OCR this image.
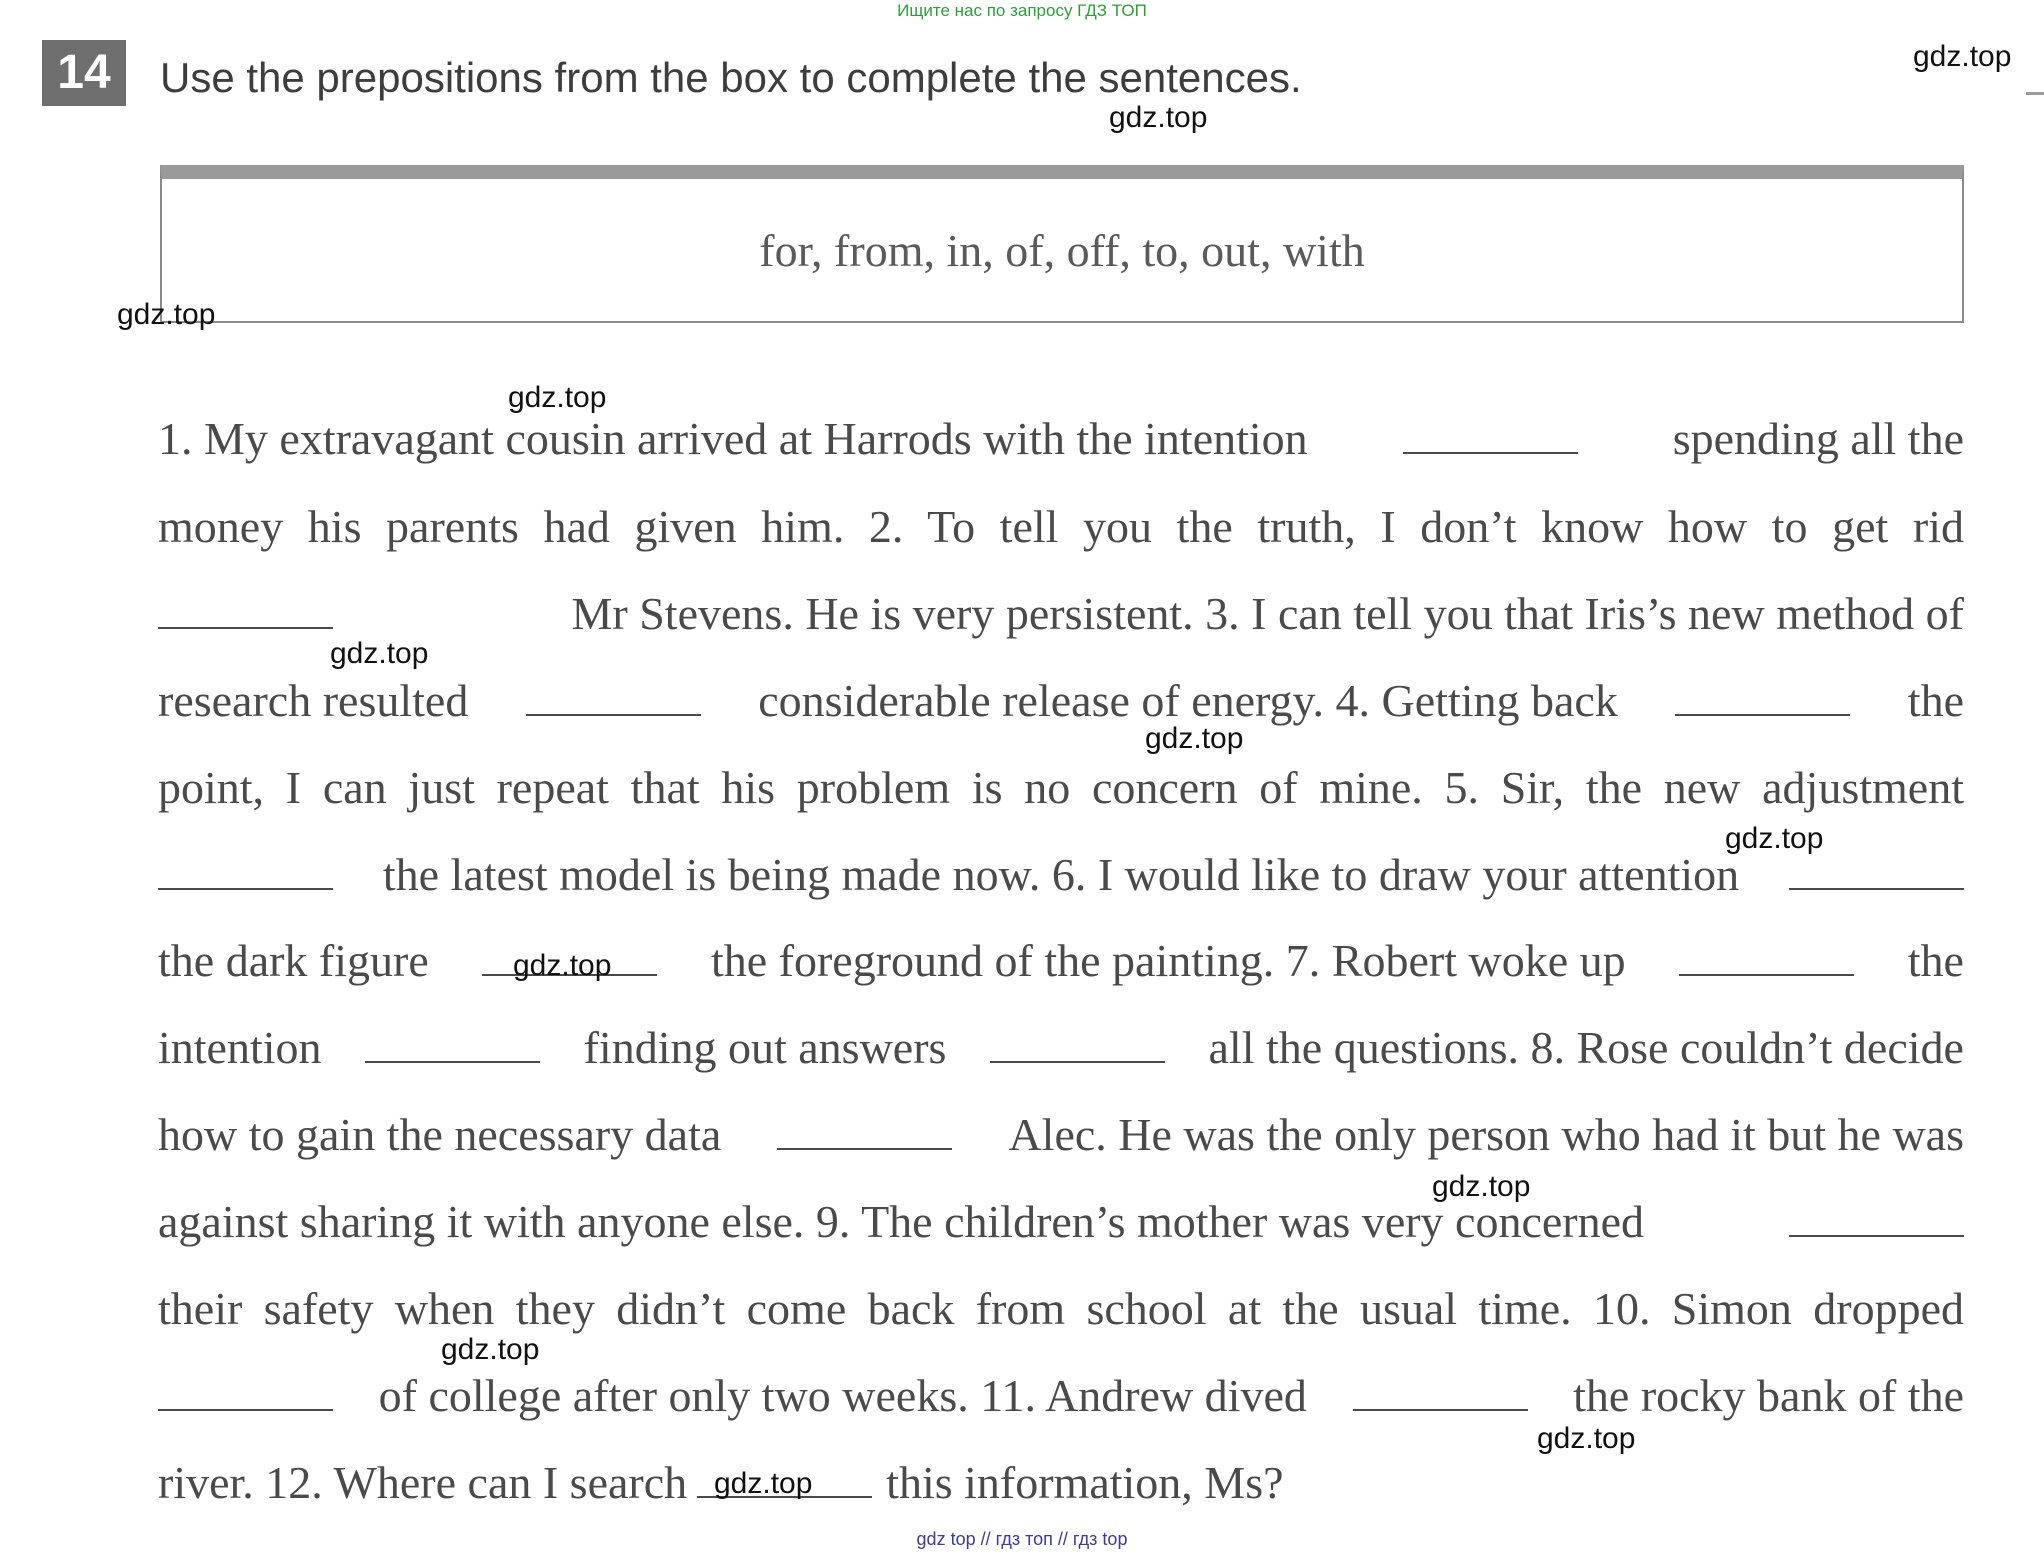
Ищите нас по запросу ГДЗ ТОП
14	Use the prepositions from the box to complete the sentences.
for, from, in, of, off, to, out, with
1. My extravagant cousin arrived at Harrods with the intention	spending all the
money his parents had given him. 2. To tell you the truth, I don’t know how to get rid
Mr Stevens. He is very persistent. 3. I can tell you that Iris’s new method of
research resulted	considerable release of energy. 4. Getting back	the
point, I can just repeat that his problem is no concern of mine. 5. Sir, the new adjustment
the latest model is being made now. 6. I would like to draw your attention
the dark figure	the foreground of the painting. 7. Robert woke up	the
intention	finding out answers	all the questions. 8. Rose couldn’t decide
how to gain the necessary data	Alec. He was the only person who had it but he was
against sharing it with anyone else. 9. The children’s mother was very concerned
their safety when they didn’t come back from school at the usual time. 10. Simon dropped
of college after only two weeks. 11. Andrew dived	the rocky bank of the
river. 12. Where can I search	this information, Ms?
gdz.top
gdz.top
gdz.top
gdz.top
gdz.top
gdz.top
gdz.top
gdz.top
gdz.top
gdz.top
gdz.top
gdz.top
gdz top // гдз топ // гдз top
